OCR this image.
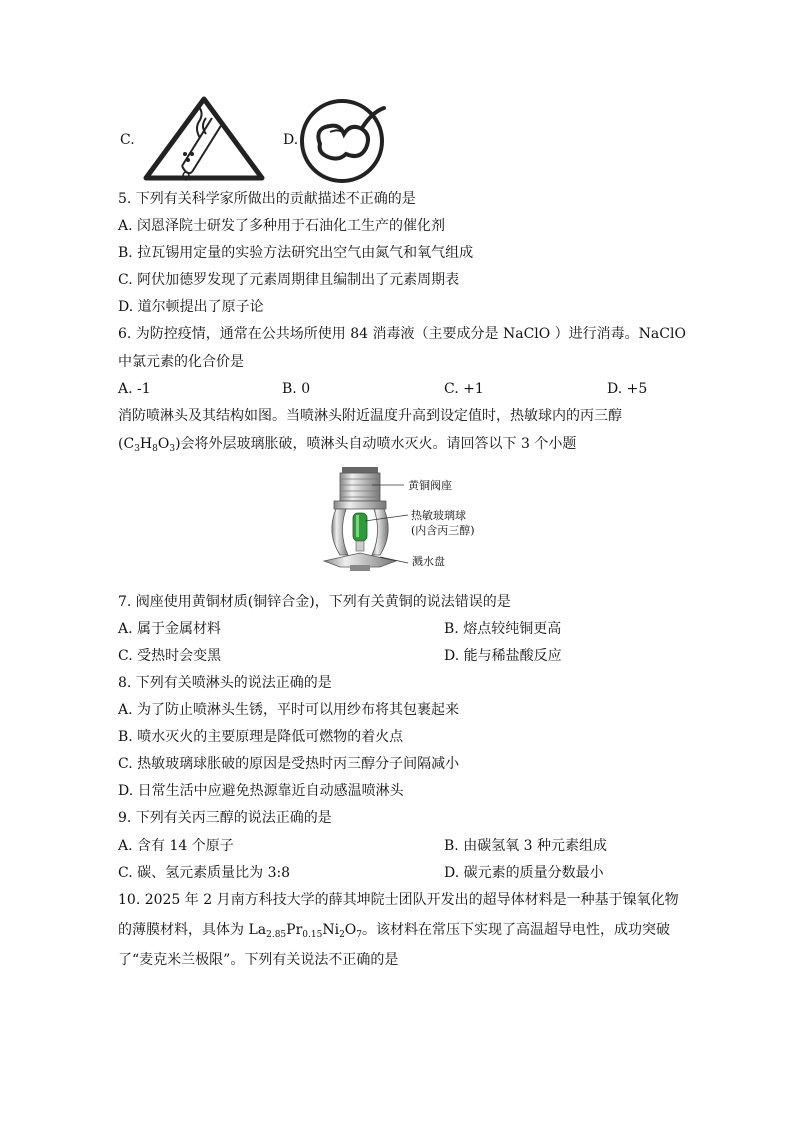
C.	D.
5. 下列有关科学家所做出的贡献描述不正确的是
A. 闵恩泽院士研发了多种用于石油化工生产的催化剂
B. 拉瓦锡用定量的实验方法研究出空气由氮气和氧气组成
C. 阿伏加德罗发现了元素周期律且编制出了元素周期表
D. 道尔顿提出了原子论
6. 为防控疫情，通常在公共场所使用 84 消毒液（主要成分是 NaClO ）进行消毒。NaClO
中氯元素的化合价是
A. -1	B. 0	C. +1	D. +5
消防喷淋头及其结构如图。当喷淋头附近温度升高到设定值时，热敏球内的丙三醇
$(C_3H_8O_3)$会将外层玻璃胀破，喷淋头自动喷水灭火。请回答以下 3 个小题
黄铜阀座
热敏玻璃球
(内含丙三醇)
溅水盘
7. 阀座使用黄铜材质(铜锌合金)，下列有关黄铜的说法错误的是
A. 属于金属材料	B. 熔点较纯铜更高
C. 受热时会变黑	D. 能与稀盐酸反应
8. 下列有关喷淋头的说法正确的是
A. 为了防止喷淋头生锈，平时可以用纱布将其包裹起来
B. 喷水灭火的主要原理是降低可燃物的着火点
C. 热敏玻璃球胀破的原因是受热时丙三醇分子间隔减小
D. 日常生活中应避免热源靠近自动感温喷淋头
9. 下列有关丙三醇的说法正确的是
A. 含有 14 个原子	B. 由碳氢氧 3 种元素组成
C. 碳、氢元素质量比为 3:8	D. 碳元素的质量分数最小
10. 2025 年 2 月南方科技大学的薛其坤院士团队开发出的超导体材料是一种基于镍氧化物
的薄膜材料，具体为 $La_{2.85}Pr_{0.15}Ni_2O_7$。该材料在常压下实现了高温超导电性，成功突破
了“麦克米兰极限”。下列有关说法不正确的是
